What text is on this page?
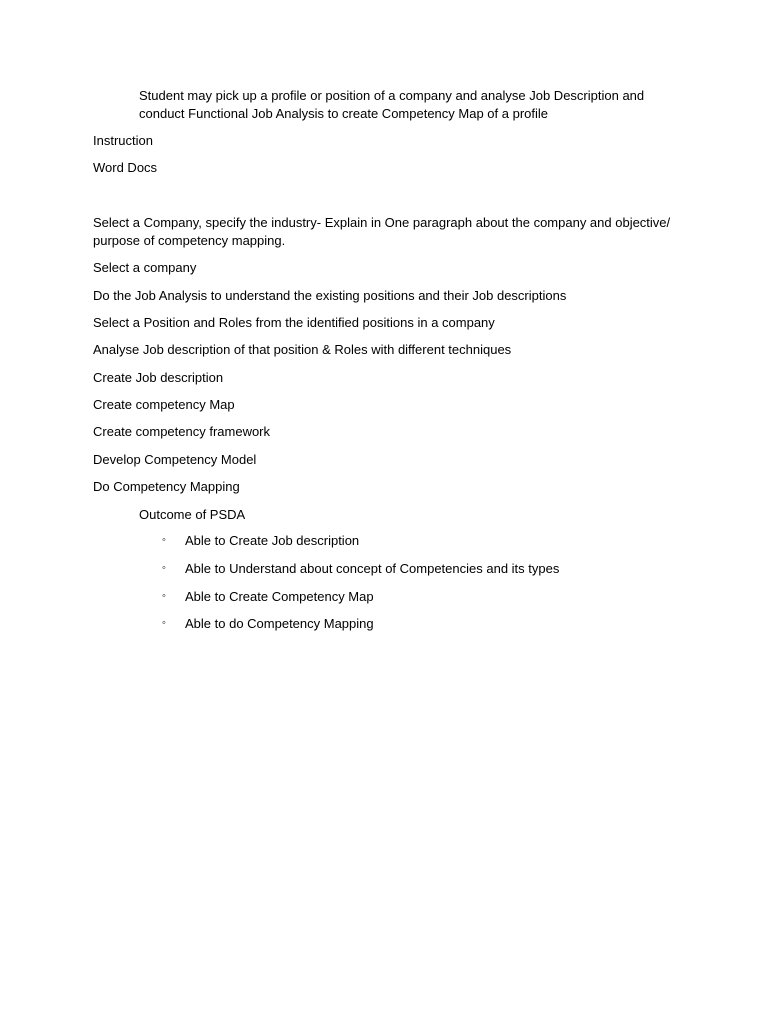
Student may pick up a profile or position of a company and analyse Job Description and conduct Functional Job Analysis to create Competency Map of a profile
Instruction
Word Docs
Select a Company, specify the industry- Explain in One paragraph about the company and objective/ purpose of competency mapping.
Select a company
Do the Job Analysis to understand the existing positions and their Job descriptions
Select a Position and Roles from the identified positions in a company
Analyse Job description of that position & Roles with different techniques
Create Job description
Create competency Map
Create competency framework
Develop Competency Model
Do Competency Mapping
Outcome of PSDA
◦ Able to Create Job description
◦ Able to Understand about concept of Competencies and its types
◦ Able to Create Competency Map
◦ Able to do Competency Mapping
